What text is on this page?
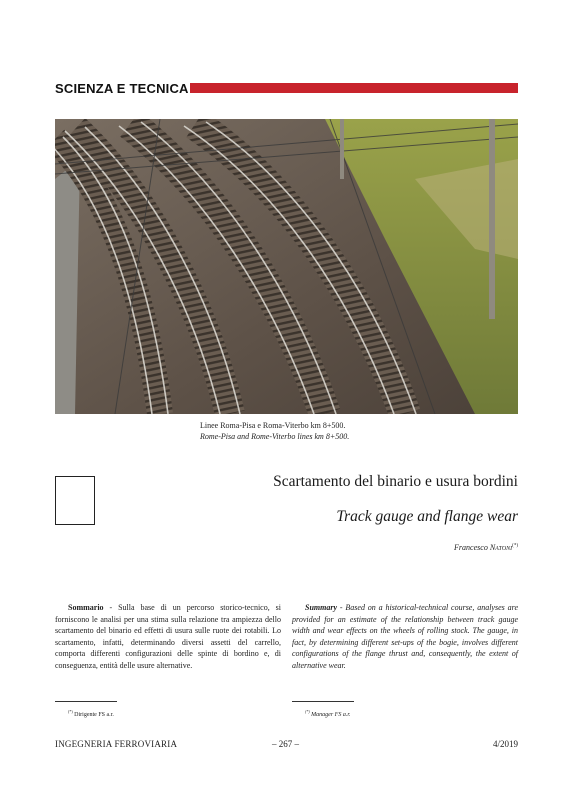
SCIENZA E TECNICA
Linee Roma-Pisa e Roma-Viterbo km 8+500.
Rome-Pisa and Rome-Viterbo lines km 8+500.
Scartamento del binario e usura bordini
Track gauge and flange wear
Francesco Natoni(*)

Sommario - Sulla base di un percorso storico-tecnico, si forniscono le analisi per una stima sulla relazione tra ampiezza dello scartamento del binario ed effetti di usura sulle ruote dei rotabili. Lo scartamento, infatti, determinando diversi assetti del carrello, comporta differenti configurazioni delle spinte di bordino e, di conseguenza, entità delle usure alternative.

Summary - Based on a historical-technical course, analyses are provided for an estimate of the relationship between track gauge width and wear effects on the wheels of rolling stock. The gauge, in fact, by determining different set-ups of the bogie, involves different configurations of the flange thrust and, consequently, the extent of alternative wear.

(*) Dirigente FS a.r.
(*) Manager FS a.r.
INGEGNERIA FERROVIARIA	– 267 –	4/2019
